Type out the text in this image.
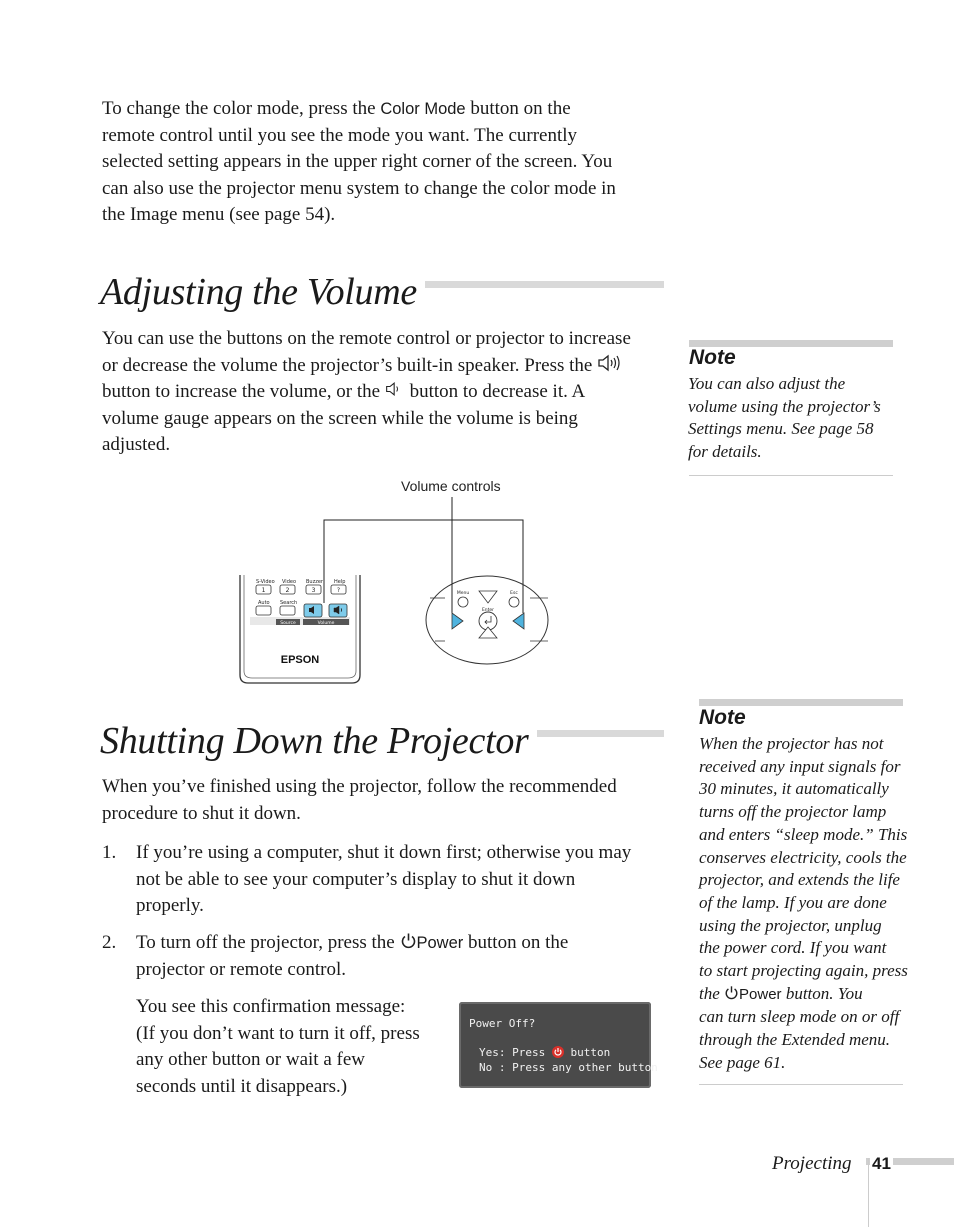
To change the color mode, press the Color Mode button on the
remote control until you see the mode you want. The currently
selected setting appears in the upper right corner of the screen. You
can also use the projector menu system to change the color mode in
the Image menu (see page 54).
Adjusting the Volume
You can use the buttons on the remote control or projector to increase
or decrease the volume the projector’s built-in speaker. Press the
button to increase the volume, or the button to decrease it. A
volume gauge appears on the screen while the volume is being
adjusted.
Note
You can also adjust the
volume using the projector’s
Settings menu. See page 58
for details.
Volume controls
S-Video Video Buzzer Help
Auto Search
1	2	3	?
Source	Volume
EPSON
Menu	Esc
Enter
Shutting Down the Projector
When you’ve finished using the projector, follow the recommended
procedure to shut it down.
1. If you’re using a computer, shut it down first; otherwise you may
not be able to see your computer’s display to shut it down
properly.
2. To turn off the projector, press the Power button on the
projector or remote control.
You see this confirmation message:
(If you don’t want to turn it off, press
any other button or wait a few
seconds until it disappears.)
Power Off?
Yes: Press
button
No : Press any other button
Note
When the projector has not
received any input signals for
30 minutes, it automatically
turns off the projector lamp
and enters “sleep mode.” This
conserves electricity, cools the
projector, and extends the life
of the lamp. If you are done
using the projector, unplug
the power cord. If you want
to start projecting again, press
the Power button. You
can turn sleep mode on or off
through the Extended menu.
See page 61.
Projecting 41
